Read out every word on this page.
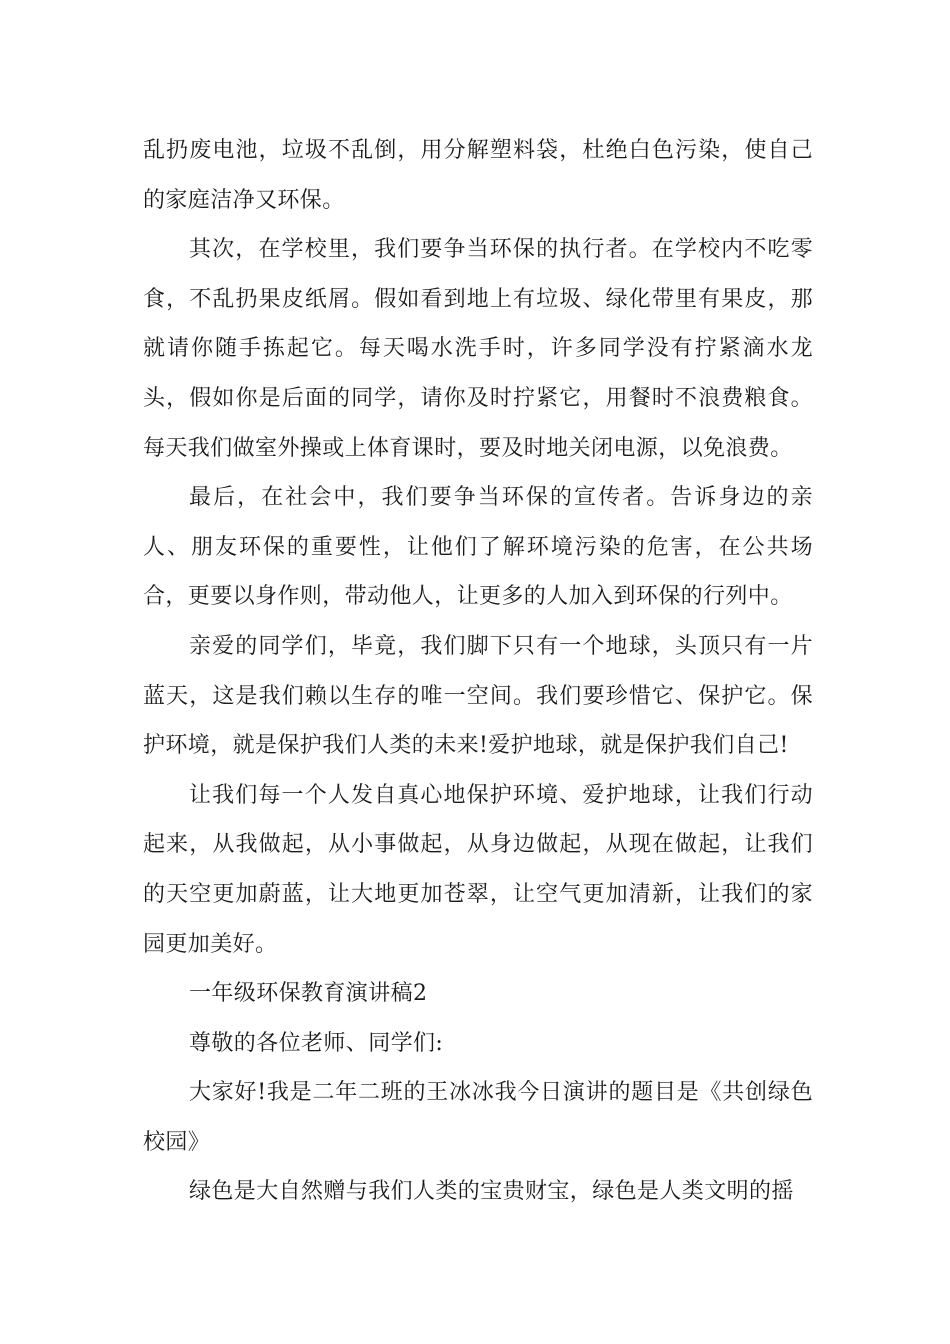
乱扔废电池，垃圾不乱倒，用分解塑料袋，杜绝白色污染，使自己的家庭洁净又环保。

其次，在学校里，我们要争当环保的执行者。在学校内不吃零食，不乱扔果皮纸屑。假如看到地上有垃圾、绿化带里有果皮，那就请你随手拣起它。每天喝水洗手时，许多同学没有拧紧滴水龙头，假如你是后面的同学，请你及时拧紧它，用餐时不浪费粮食。每天我们做室外操或上体育课时，要及时地关闭电源，以免浪费。

最后，在社会中，我们要争当环保的宣传者。告诉身边的亲人、朋友环保的重要性，让他们了解环境污染的危害，在公共场合，更要以身作则，带动他人，让更多的人加入到环保的行列中。

亲爱的同学们，毕竟，我们脚下只有一个地球，头顶只有一片蓝天，这是我们赖以生存的唯一空间。我们要珍惜它、保护它。保护环境，就是保护我们人类的未来!爱护地球，就是保护我们自己!

让我们每一个人发自真心地保护环境、爱护地球，让我们行动起来，从我做起，从小事做起，从身边做起，从现在做起，让我们的天空更加蔚蓝，让大地更加苍翠，让空气更加清新，让我们的家园更加美好。

一年级环保教育演讲稿2

尊敬的各位老师、同学们:

大家好!我是二年二班的王冰冰我今日演讲的题目是《共创绿色校园》

绿色是大自然赠与我们人类的宝贵财宝，绿色是人类文明的摇
